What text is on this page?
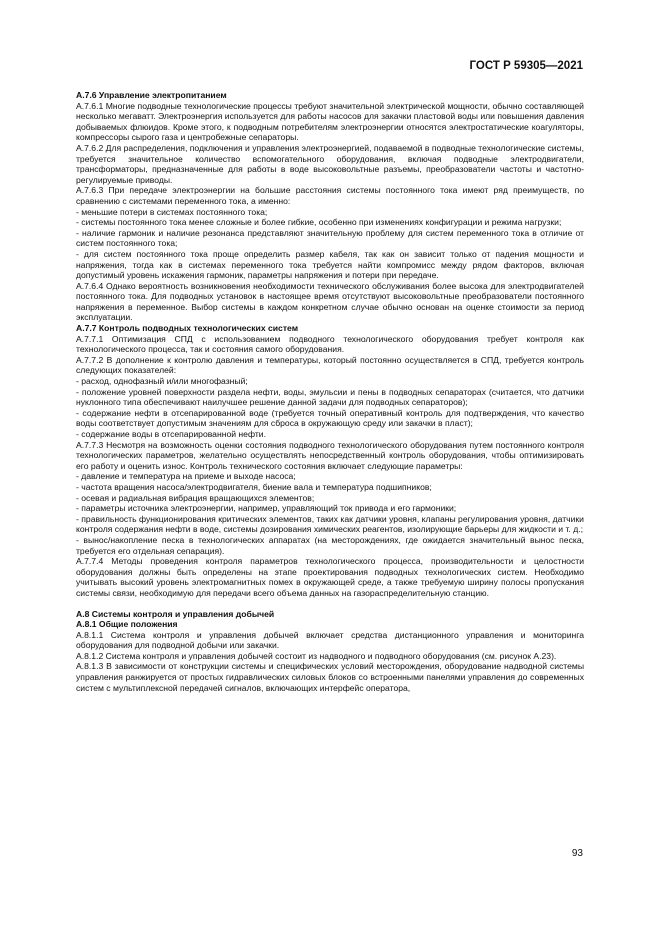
ГОСТ Р 59305—2021

А.7.6 Управление электропитанием

А.7.6.1 Многие подводные технологические процессы требуют значительной электрической мощности, обычно составляющей несколько мегаватт. Электроэнергия используется для работы насосов для закачки пластовой воды или повышения давления добываемых флюидов. Кроме этого, к подводным потребителям электроэнергии относятся электростатические коагуляторы, компрессоры сырого газа и центробежные сепараторы.

А.7.6.2 Для распределения, подключения и управления электроэнергией, подаваемой в подводные технологические системы, требуется значительное количество вспомогательного оборудования, включая подводные электродвигатели, трансформаторы, предназначенные для работы в воде высоковольтные разъемы, преобразователи частоты и частотно-регулируемые приводы.

А.7.6.3 При передаче электроэнергии на большие расстояния системы постоянного тока имеют ряд преимуществ, по сравнению с системами переменного тока, а именно:

- меньшие потери в системах постоянного тока;

- системы постоянного тока менее сложные и более гибкие, особенно при изменениях конфигурации и режима нагрузки;

- наличие гармоник и наличие резонанса представляют значительную проблему для систем переменного тока в отличие от систем постоянного тока;

- для систем постоянного тока проще определить размер кабеля, так как он зависит только от падения мощности и напряжения, тогда как в системах переменного тока требуется найти компромисс между рядом факторов, включая допустимый уровень искажения гармоник, параметры напряжения и потери при передаче.

А.7.6.4 Однако вероятность возникновения необходимости технического обслуживания более высока для электродвигателей постоянного тока. Для подводных установок в настоящее время отсутствуют высоковольтные преобразователи постоянного напряжения в переменное. Выбор системы в каждом конкретном случае обычно основан на оценке стоимости за период эксплуатации.

А.7.7 Контроль подводных технологических систем

А.7.7.1 Оптимизация СПД с использованием подводного технологического оборудования требует контроля как технологического процесса, так и состояния самого оборудования.

А.7.7.2 В дополнение к контролю давления и температуры, который постоянно осуществляется в СПД, требуется контроль следующих показателей:

- расход, однофазный и/или многофазный;

- положение уровней поверхности раздела нефти, воды, эмульсии и пены в подводных сепараторах (считается, что датчики нуклонного типа обеспечивают наилучшее решение данной задачи для подводных сепараторов);

- содержание нефти в отсепарированной воде (требуется точный оперативный контроль для подтверждения, что качество воды соответствует допустимым значениям для сброса в окружающую среду или закачки в пласт);

- содержание воды в отсепарированной нефти.

А.7.7.3 Несмотря на возможность оценки состояния подводного технологического оборудования путем постоянного контроля технологических параметров, желательно осуществлять непосредственный контроль оборудования, чтобы оптимизировать его работу и оценить износ. Контроль технического состояния включает следующие параметры:

- давление и температура на приеме и выходе насоса;

- частота вращения насоса/электродвигателя, биение вала и температура подшипников;

- осевая и радиальная вибрация вращающихся элементов;

- параметры источника электроэнергии, например, управляющий ток привода и его гармоники;

- правильность функционирования критических элементов, таких как датчики уровня, клапаны регулирования уровня, датчики контроля содержания нефти в воде, системы дозирования химических реагентов, изолирующие барьеры для жидкости и т. д.;

- вынос/накопление песка в технологических аппаратах (на месторождениях, где ожидается значительный вынос песка, требуется его отдельная сепарация).

А.7.7.4 Методы проведения контроля параметров технологического процесса, производительности и целостности оборудования должны быть определены на этапе проектирования подводных технологических систем. Необходимо учитывать высокий уровень электромагнитных помех в окружающей среде, а также требуемую ширину полосы пропускания системы связи, необходимую для передачи всего объема данных на газораспределительную станцию.

А.8 Системы контроля и управления добычей

А.8.1 Общие положения

А.8.1.1 Система контроля и управления добычей включает средства дистанционного управления и мониторинга оборудования для подводной добычи или закачки.

А.8.1.2 Система контроля и управления добычей состоит из надводного и подводного оборудования (см. рисунок А.23).

А.8.1.3 В зависимости от конструкции системы и специфических условий месторождения, оборудование надводной системы управления ранжируется от простых гидравлических силовых блоков со встроенными панелями управления до современных систем с мультиплексной передачей сигналов, включающих интерфейс оператора,

93
